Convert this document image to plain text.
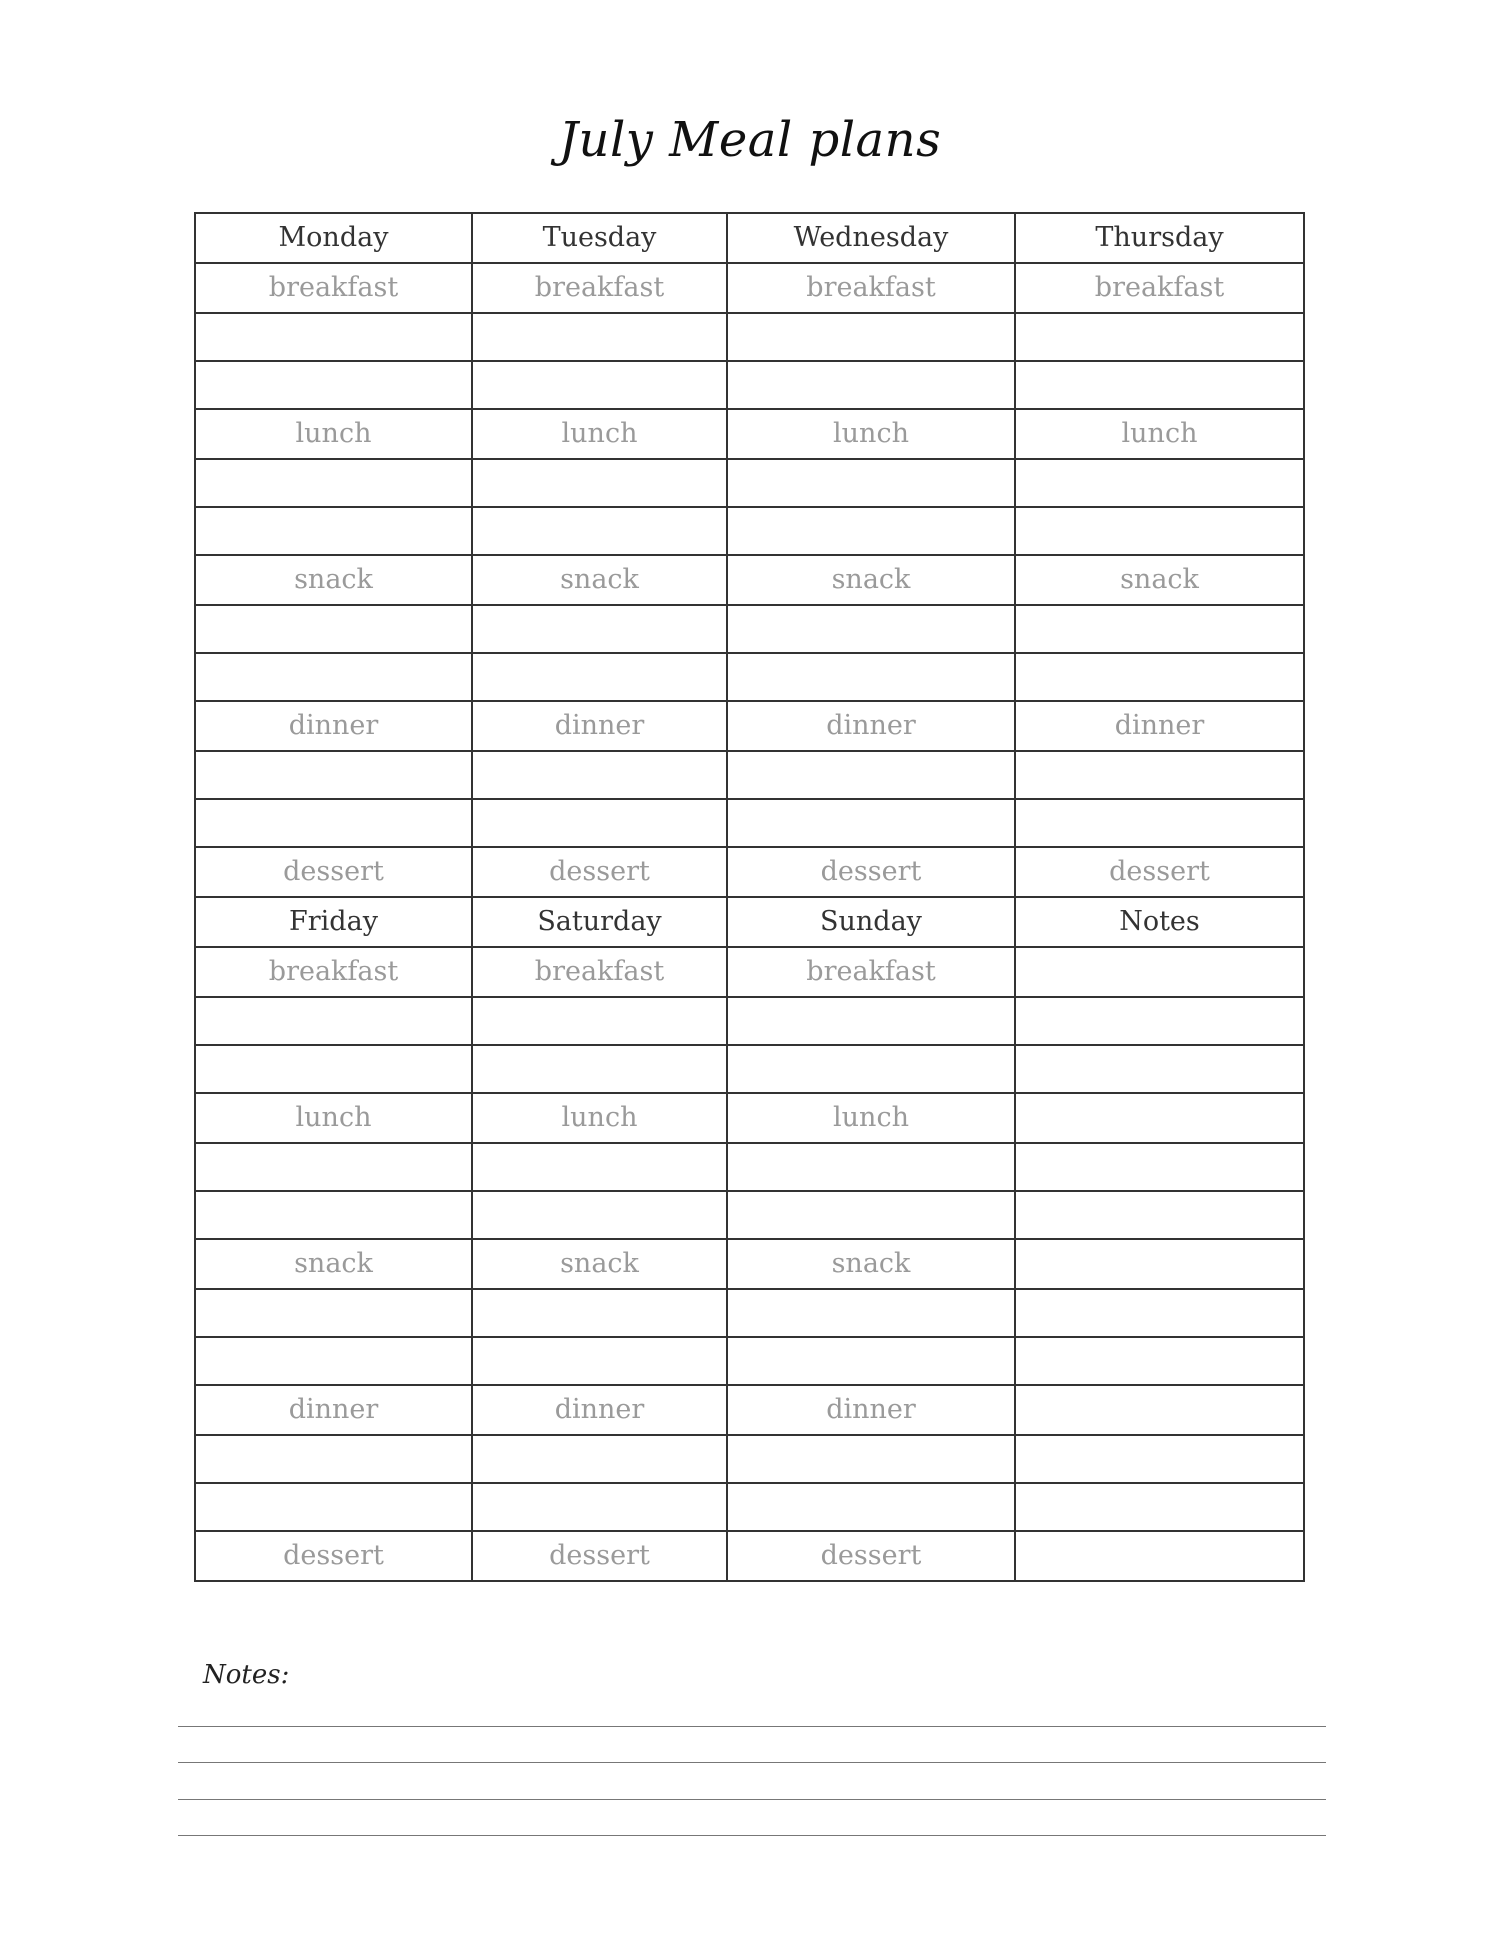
July Meal plans
Monday	Tuesday	Wednesday	Thursday
breakfast	breakfast	breakfast	breakfast

lunch	lunch	lunch	lunch

snack	snack	snack	snack

dinner	dinner	dinner	dinner

dessert	dessert	dessert	dessert
Friday	Saturday	Sunday	Notes
breakfast	breakfast	breakfast	

lunch	lunch	lunch	

snack	snack	snack	

dinner	dinner	dinner	

dessert	dessert	dessert	
Notes:
